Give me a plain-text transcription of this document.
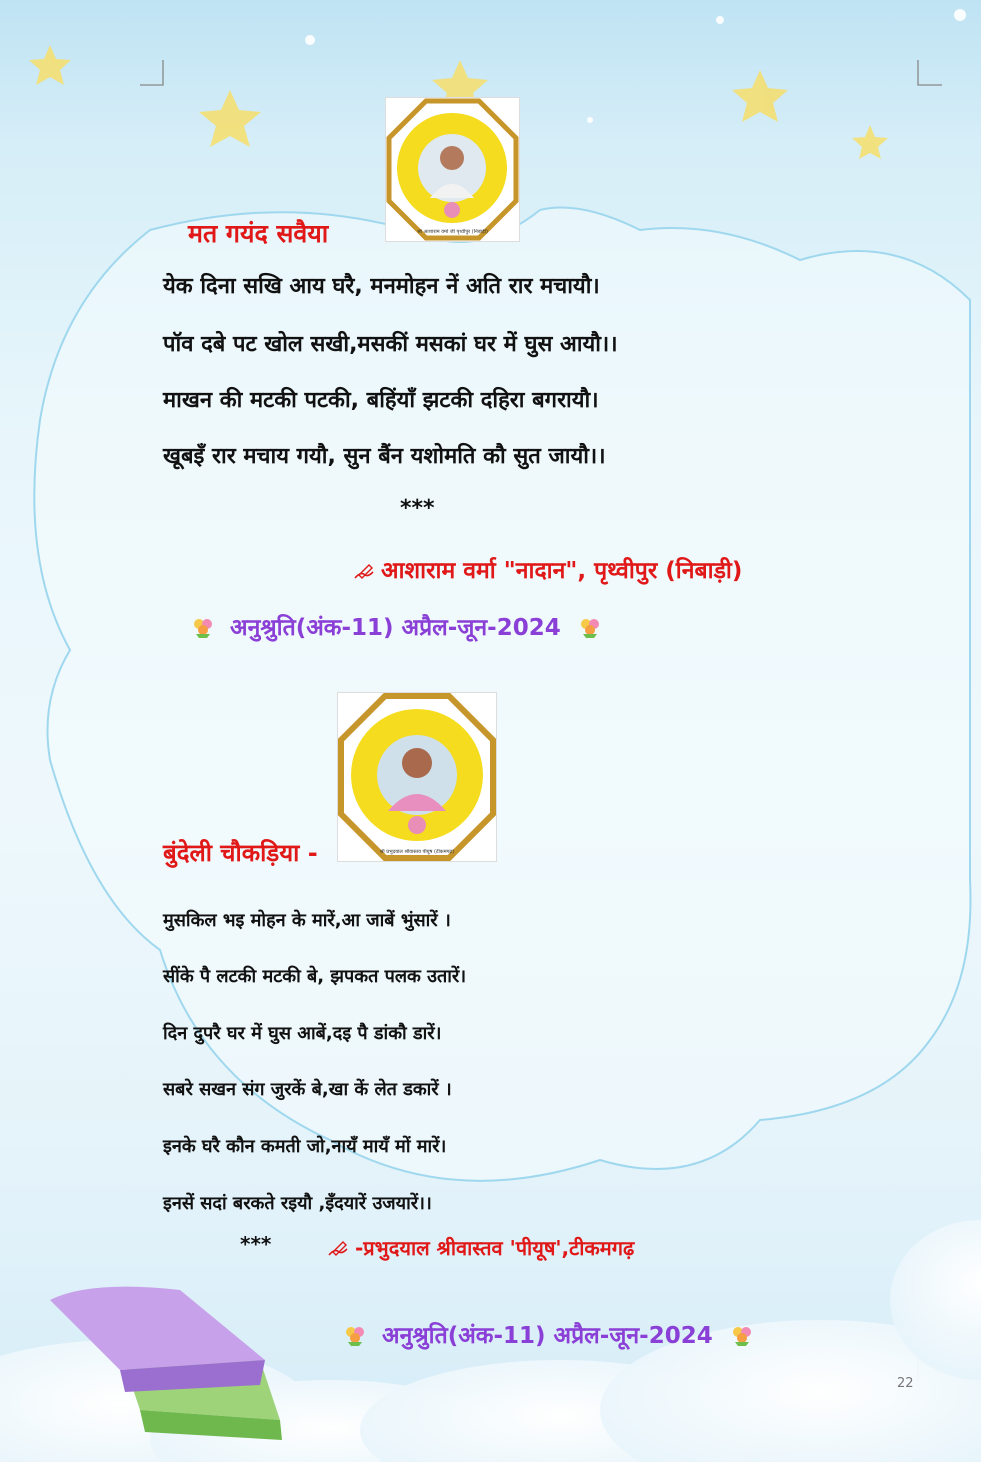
श्री आशाराम वर्मा जी पृथ्वीपुर (निबाड़ी)
मत गयंद सवैया
येक दिना सखि आय घरै, मनमोहन नें अति रार मचायौ।
पॉव दबे पट खोल सखी,मसकीं मसकां घर में घुस आयौ।।
माखन की मटकी पटकी, बहिंयॉं झटकी दहिरा बगरायौ।
खूबइँ रार मचाय गयौ, सुन बैंन यशोमति कौ सुत जायौ।।
***
आशाराम वर्मा "नादान", पृथ्वीपुर (निबाड़ी)
अनुश्रुति(अंक-11) अप्रैल-जून-2024
श्री प्रभुदयाल श्रीवास्तव पीयूष (टीकमगढ़)
बुंदेली चौकड़िया -
मुसकिल भइ मोहन के मारें,आ जाबें भुंसारें ।
सींके पै लटकी मटकी बे, झपकत पलक उतारें।
दिन दुपरै घर में घुस आबें,दइ पै डांकौ डारें।
सबरे सखन संग जुरकें बे,खा कें लेत डकारें ।
इनके घरै कौन कमती जो,नायँ मायँ मों मारें।
इनसें सदां बरकते रइयौ ,इँदयारें उजयारें।।
***	-प्रभुदयाल श्रीवास्तव 'पीयूष',टीकमगढ़
अनुश्रुति(अंक-11) अप्रैल-जून-2024
22
